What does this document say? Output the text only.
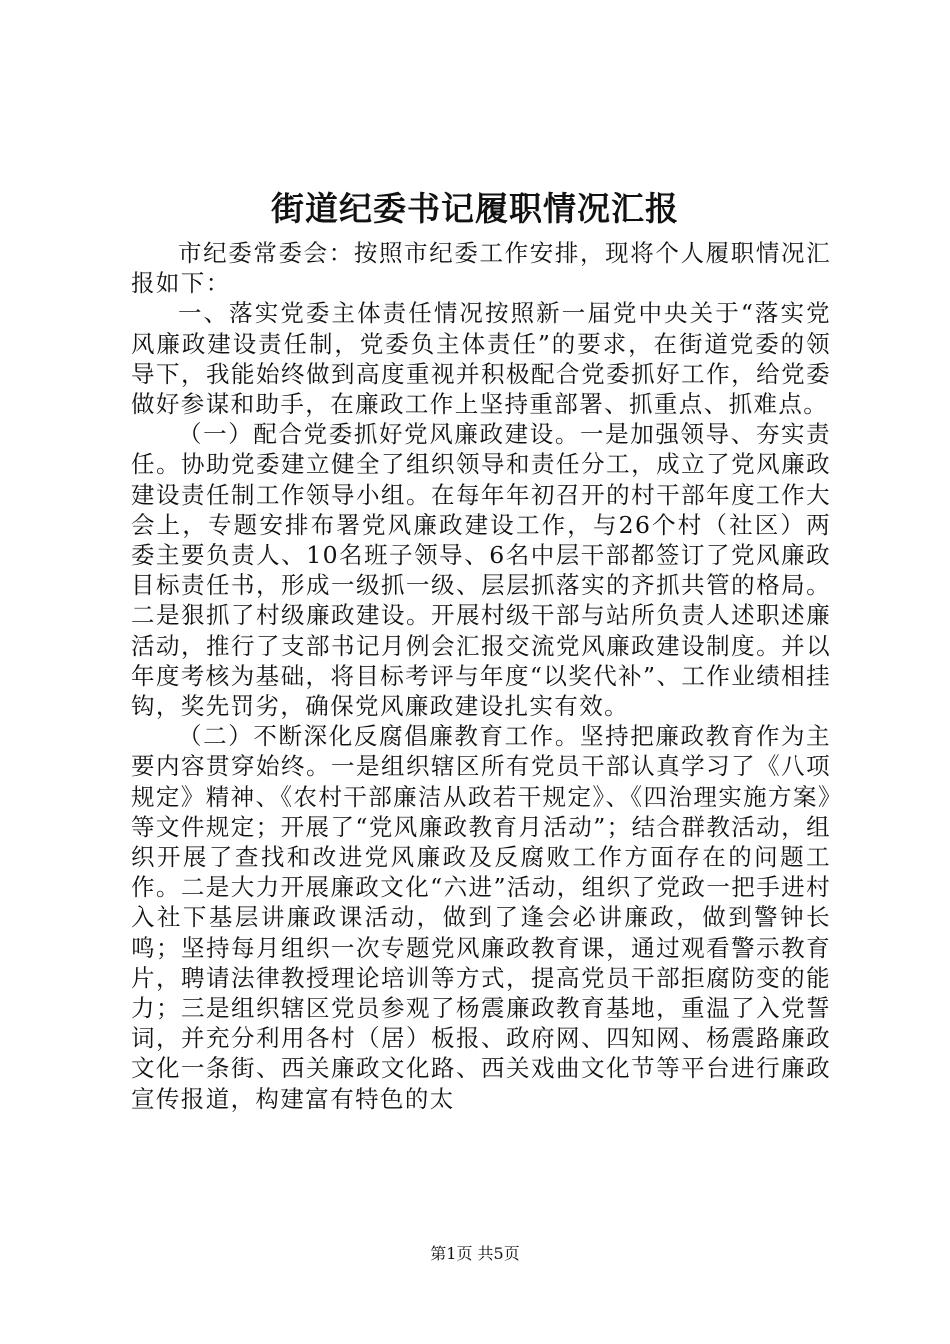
街道纪委书记履职情况汇报

市纪委常委会：按照市纪委工作安排，现将个人履职情况汇报如下：

一、落实党委主体责任情况按照新一届党中央关于“落实党风廉政建设责任制，党委负主体责任”的要求，在街道党委的领导下，我能始终做到高度重视并积极配合党委抓好工作，给党委做好参谋和助手，在廉政工作上坚持重部署、抓重点、抓难点。

（一）配合党委抓好党风廉政建设。一是加强领导、夯实责任。协助党委建立健全了组织领导和责任分工，成立了党风廉政建设责任制工作领导小组。在每年年初召开的村干部年度工作大会上，专题安排布署党风廉政建设工作，与26个村（社区）两委主要负责人、10名班子领导、6名中层干部都签订了党风廉政目标责任书，形成一级抓一级、层层抓落实的齐抓共管的格局。二是狠抓了村级廉政建设。开展村级干部与站所负责人述职述廉活动，推行了支部书记月例会汇报交流党风廉政建设制度。并以年度考核为基础，将目标考评与年度“以奖代补”、工作业绩相挂钩，奖先罚劣，确保党风廉政建设扎实有效。

（二）不断深化反腐倡廉教育工作。坚持把廉政教育作为主要内容贯穿始终。一是组织辖区所有党员干部认真学习了《八项规定》精神、《农村干部廉洁从政若干规定》、《四治理实施方案》等文件规定；开展了“党风廉政教育月活动”；结合群教活动，组织开展了查找和改进党风廉政及反腐败工作方面存在的问题工作。二是大力开展廉政文化“六进”活动，组织了党政一把手进村入社下基层讲廉政课活动，做到了逢会必讲廉政，做到警钟长鸣；坚持每月组织一次专题党风廉政教育课，通过观看警示教育片，聘请法律教授理论培训等方式，提高党员干部拒腐防变的能力；三是组织辖区党员参观了杨震廉政教育基地，重温了入党誓词，并充分利用各村（居）板报、政府网、四知网、杨震路廉政文化一条街、西关廉政文化路、西关戏曲文化节等平台进行廉政宣传报道，构建富有特色的太

第1页 共5页
